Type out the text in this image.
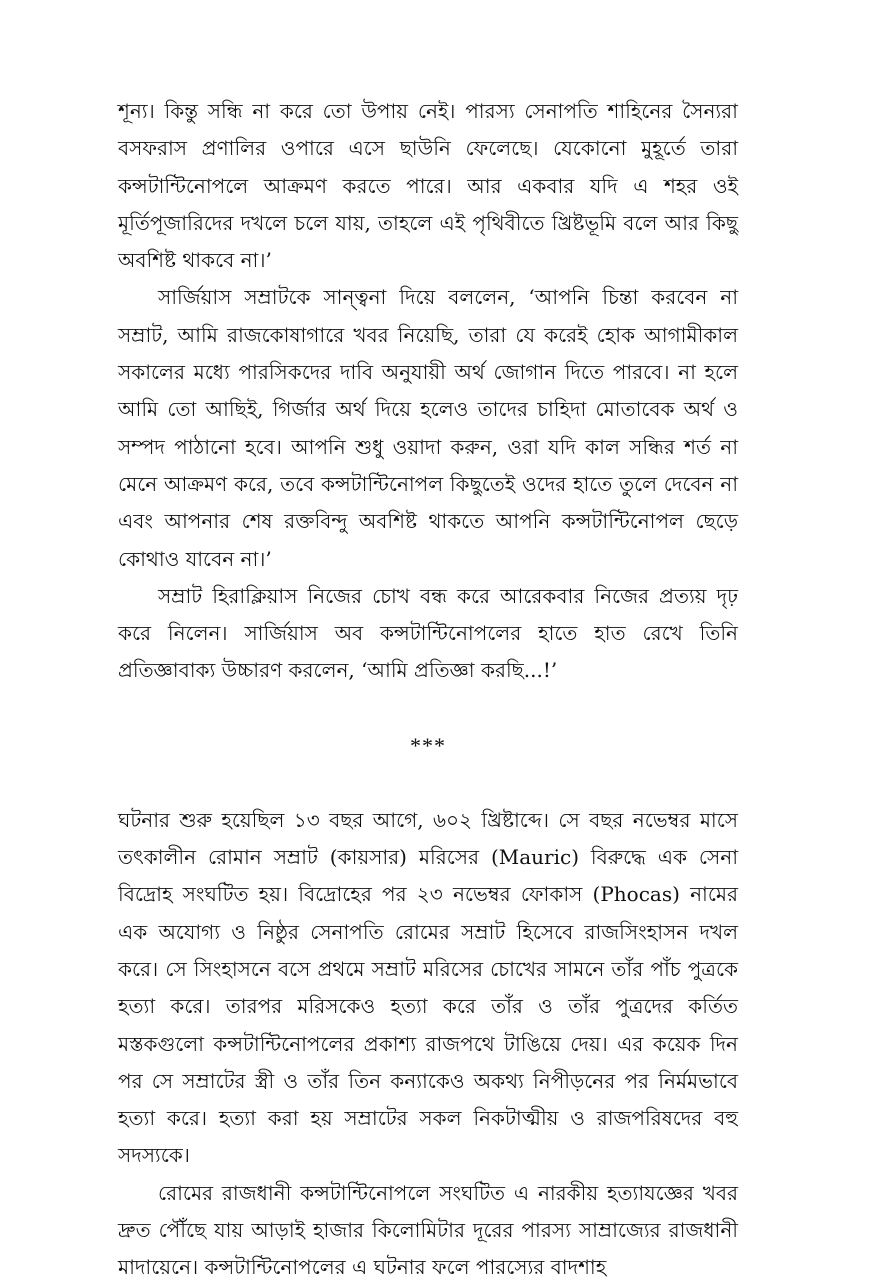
শূন্য। কিন্তু সন্ধি না করে তো উপায় নেই। পারস্য সেনাপতি শাহিনের সৈন্যরা বসফরাস প্রণালির ওপারে এসে ছাউনি ফেলেছে। যেকোনো মুহূর্তে তারা কন্সটান্টিনোপলে আক্রমণ করতে পারে। আর একবার যদি এ শহর ওই মূর্তিপূজারিদের দখলে চলে যায়, তাহলে এই পৃথিবীতে খ্রিষ্টভূমি বলে আর কিছু অবশিষ্ট থাকবে না।’

সার্জিয়াস সম্রাটকে সান্ত্বনা দিয়ে বললেন, ‘আপনি চিন্তা করবেন না সম্রাট, আমি রাজকোষাগারে খবর নিয়েছি, তারা যে করেই হোক আগামীকাল সকালের মধ্যে পারসিকদের দাবি অনুযায়ী অর্থ জোগান দিতে পারবে। না হলে আমি তো আছিই, গির্জার অর্থ দিয়ে হলেও তাদের চাহিদা মোতাবেক অর্থ ও সম্পদ পাঠানো হবে। আপনি শুধু ওয়াদা করুন, ওরা যদি কাল সন্ধির শর্ত না মেনে আক্রমণ করে, তবে কন্সটান্টিনোপল কিছুতেই ওদের হাতে তুলে দেবেন না এবং আপনার শেষ রক্তবিন্দু অবশিষ্ট থাকতে আপনি কন্সটান্টিনোপল ছেড়ে কোথাও যাবেন না।’

সম্রাট হিরাক্লিয়াস নিজের চোখ বন্ধ করে আরেকবার নিজের প্রত্যয় দৃঢ় করে নিলেন। সার্জিয়াস অব কন্সটান্টিনোপলের হাতে হাত রেখে তিনি প্রতিজ্ঞাবাক্য উচ্চারণ করলেন, ‘আমি প্রতিজ্ঞা করছি...!’

***

ঘটনার শুরু হয়েছিল ১৩ বছর আগে, ৬০২ খ্রিষ্টাব্দে। সে বছর নভেম্বর মাসে তৎকালীন রোমান সম্রাট (কায়সার) মরিসের (Mauric) বিরুদ্ধে এক সেনা বিদ্রোহ সংঘটিত হয়। বিদ্রোহের পর ২৩ নভেম্বর ফোকাস (Phocas) নামের এক অযোগ্য ও নিষ্ঠুর সেনাপতি রোমের সম্রাট হিসেবে রাজসিংহাসন দখল করে। সে সিংহাসনে বসে প্রথমে সম্রাট মরিসের চোখের সামনে তাঁর পাঁচ পুত্রকে হত্যা করে। তারপর মরিসকেও হত্যা করে তাঁর ও তাঁর পুত্রদের কর্তিত মস্তকগুলো কন্সটান্টিনোপলের প্রকাশ্য রাজপথে টাঙিয়ে দেয়। এর কয়েক দিন পর সে সম্রাটের স্ত্রী ও তাঁর তিন কন্যাকেও অকথ্য নিপীড়নের পর নির্মমভাবে হত্যা করে। হত্যা করা হয় সম্রাটের সকল নিকটাত্মীয় ও রাজপরিষদের বহু সদস্যকে।

রোমের রাজধানী কন্সটান্টিনোপলে সংঘটিত এ নারকীয় হত্যাযজ্ঞের খবর দ্রুত পৌঁছে যায় আড়াই হাজার কিলোমিটার দূরের পারস্য সাম্রাজ্যের রাজধানী মাদায়েনে। কন্সটান্টিনোপলের এ ঘটনার ফলে পারস্যের বাদশাহ
